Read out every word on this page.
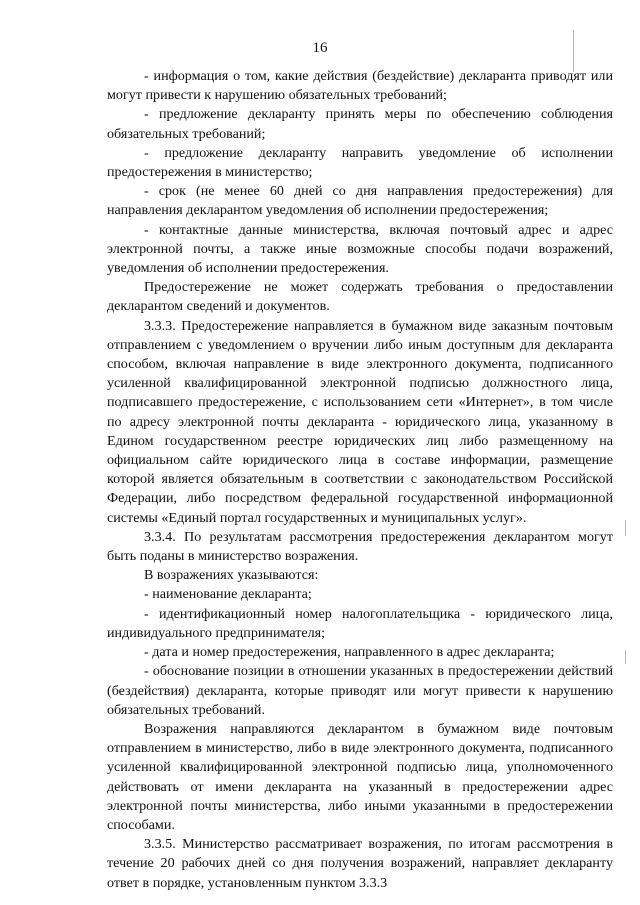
16

- информация о том, какие действия (бездействие) декларанта приводят или могут привести к нарушению обязательных требований;

- предложение декларанту принять меры по обеспечению соблюдения обязательных требований;

- предложение декларанту направить уведомление об исполнении предостережения в министерство;

- срок (не менее 60 дней со дня направления предостережения) для направления декларантом уведомления об исполнении предостережения;

- контактные данные министерства, включая почтовый адрес и адрес электронной почты, а также иные возможные способы подачи возражений, уведомления об исполнении предостережения.

Предостережение не может содержать требования о предоставлении декларантом сведений и документов.

3.3.3. Предостережение направляется в бумажном виде заказным почтовым отправлением с уведомлением о вручении либо иным доступным для декларанта способом, включая направление в виде электронного документа, подписанного усиленной квалифицированной электронной подписью должностного лица, подписавшего предостережение, с использованием сети «Интернет», в том числе по адресу электронной почты декларанта - юридического лица, указанному в Едином государственном реестре юридических лиц либо размещенному на официальном сайте юридического лица в составе информации, размещение которой является обязательным в соответствии с законодательством Российской Федерации, либо посредством федеральной государственной информационной системы «Единый портал государственных и муниципальных услуг».

3.3.4. По результатам рассмотрения предостережения декларантом могут быть поданы в министерство возражения.

В возражениях указываются:

- наименование декларанта;

- идентификационный номер налогоплательщика - юридического лица, индивидуального предпринимателя;

- дата и номер предостережения, направленного в адрес декларанта;

- обоснование позиции в отношении указанных в предостережении действий (бездействия) декларанта, которые приводят или могут привести к нарушению обязательных требований.

Возражения направляются декларантом в бумажном виде почтовым отправлением в министерство, либо в виде электронного документа, подписанного усиленной квалифицированной электронной подписью лица, уполномоченного действовать от имени декларанта на указанный в предостережении адрес электронной почты министерства, либо иными указанными в предостережении способами.

3.3.5. Министерство рассматривает возражения, по итогам рассмотрения в течение 20 рабочих дней со дня получения возражений, направляет декларанту ответ в порядке, установленным пунктом 3.3.3
